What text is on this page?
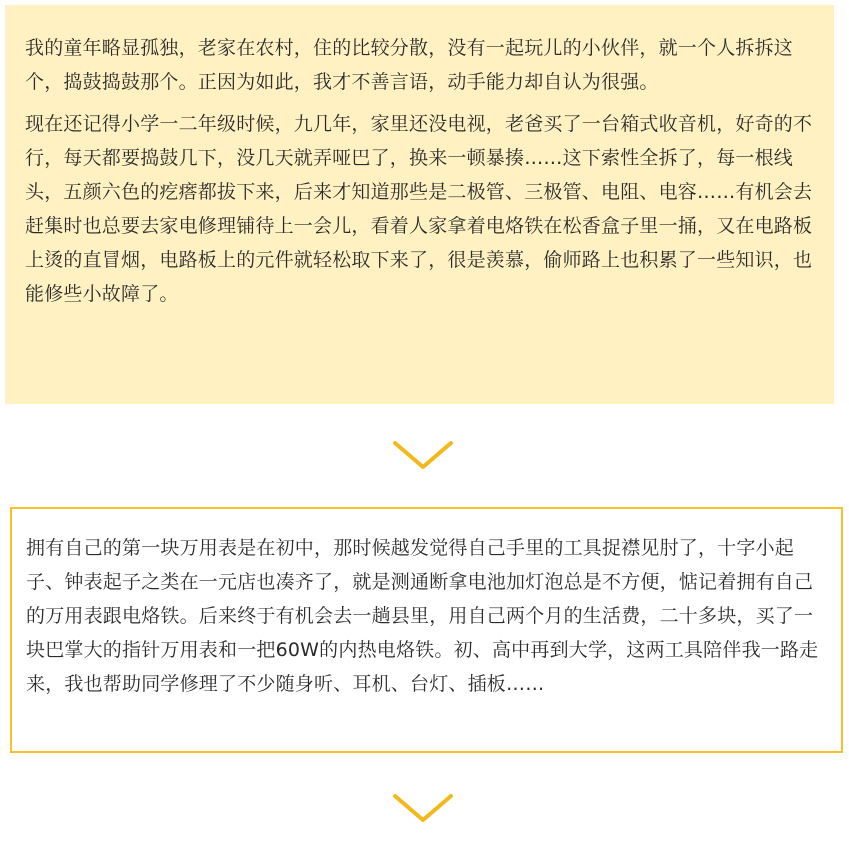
我的童年略显孤独，老家在农村，住的比较分散，没有一起玩儿的小伙伴，就一个人拆拆这个，捣鼓捣鼓那个。正因为如此，我才不善言语，动手能力却自认为很强。

现在还记得小学一二年级时候，九几年，家里还没电视，老爸买了一台箱式收音机，好奇的不行，每天都要捣鼓几下，没几天就弄哑巴了，换来一顿暴揍……这下索性全拆了，每一根线头，五颜六色的疙瘩都拔下来，后来才知道那些是二极管、三极管、电阻、电容……有机会去赶集时也总要去家电修理铺待上一会儿，看着人家拿着电烙铁在松香盒子里一捅，又在电路板上烫的直冒烟，电路板上的元件就轻松取下来了，很是羡慕，偷师路上也积累了一些知识，也能修些小故障了。

拥有自己的第一块万用表是在初中，那时候越发觉得自己手里的工具捉襟见肘了，十字小起子、钟表起子之类在一元店也凑齐了，就是测通断拿电池加灯泡总是不方便，惦记着拥有自己的万用表跟电烙铁。后来终于有机会去一趟县里，用自己两个月的生活费，二十多块，买了一块巴掌大的指针万用表和一把60W的内热电烙铁。初、高中再到大学，这两工具陪伴我一路走来，我也帮助同学修理了不少随身听、耳机、台灯、插板……
